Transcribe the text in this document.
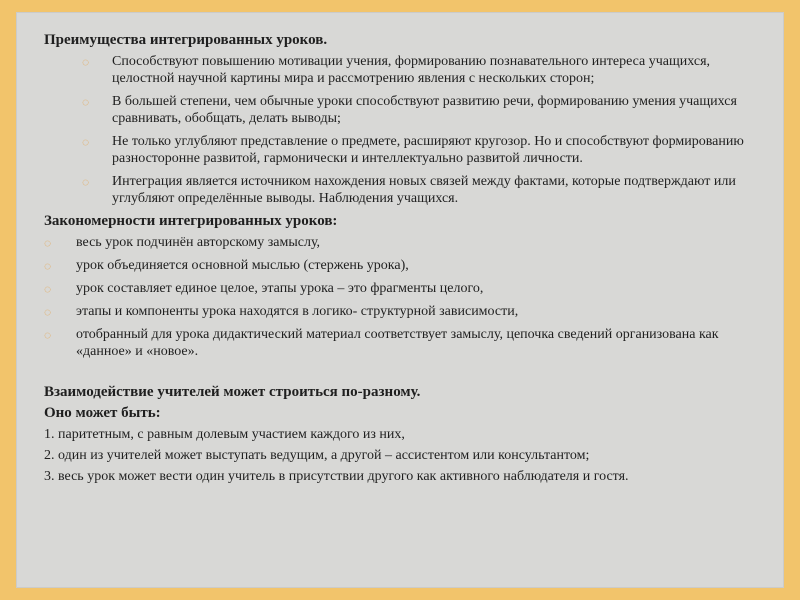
Преимущества интегрированных уроков.
◌	Способствуют повышению мотивации учения, формированию познавательного интереса учащихся, целостной научной картины мира и рассмотрению явления с нескольких сторон;
◌	В большей степени, чем обычные уроки способствуют развитию речи, формированию умения учащихся сравнивать, обобщать, делать выводы;
◌	Не только углубляют представление о предмете, расширяют кругозор. Но и способствуют формированию разносторонне развитой, гармонически и интеллектуально развитой личности.
◌	Интеграция является источником нахождения новых связей между фактами, которые подтверждают или углубляют определённые выводы. Наблюдения учащихся.
Закономерности интегрированных уроков:
◌	весь урок подчинён авторскому замыслу,
◌	урок объединяется основной мыслью (стержень урока),
◌	урок составляет единое целое, этапы урока – это фрагменты целого,
◌	этапы и компоненты урока находятся в логико- структурной зависимости,
◌	отобранный для урока дидактический материал соответствует замыслу, цепочка сведений организована как «данное» и «новое».
Взаимодействие учителей может строиться по-разному.
Оно может быть:

1. паритетным, с равным долевым участием каждого из них,

2. один из учителей может выступать ведущим, а другой – ассистентом или консультантом;

3. весь урок может вести один учитель в присутствии другого как активного наблюдателя и гостя.
